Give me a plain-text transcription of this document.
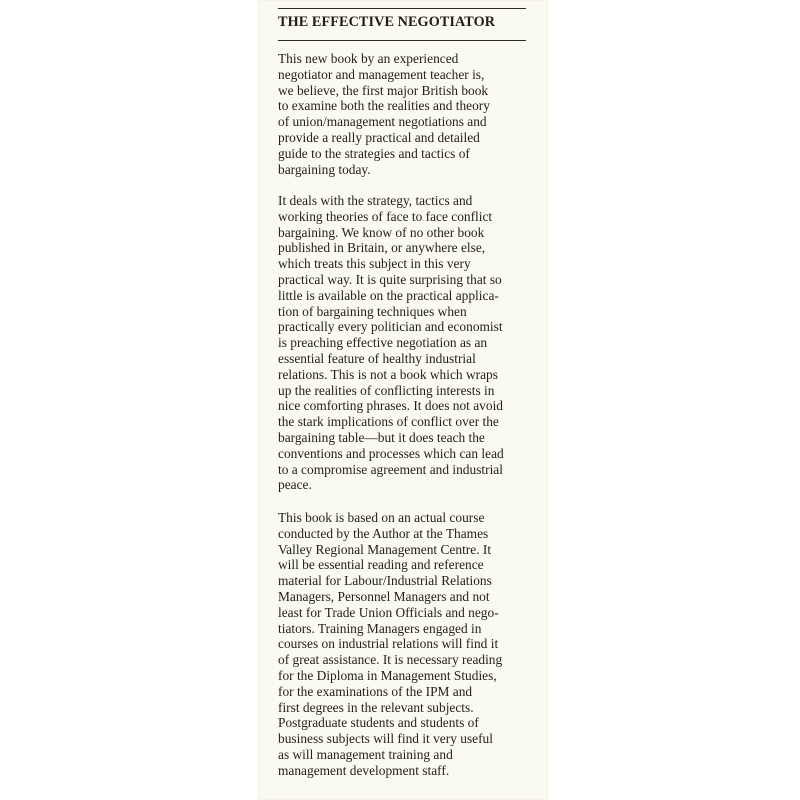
THE EFFECTIVE NEGOTIATOR
This new book by an experienced
negotiator and management teacher is,
we believe, the first major British book
to examine both the realities and theory
of union/management negotiations and
provide a really practical and detailed
guide to the strategies and tactics of
bargaining today.
It deals with the strategy, tactics and
working theories of face to face conflict
bargaining. We know of no other book
published in Britain, or anywhere else,
which treats this subject in this very
practical way. It is quite surprising that so
little is available on the practical applica-
tion of bargaining techniques when
practically every politician and economist
is preaching effective negotiation as an
essential feature of healthy industrial
relations. This is not a book which wraps
up the realities of conflicting interests in
nice comforting phrases. It does not avoid
the stark implications of conflict over the
bargaining table—but it does teach the
conventions and processes which can lead
to a compromise agreement and industrial
peace.
This book is based on an actual course
conducted by the Author at the Thames
Valley Regional Management Centre. It
will be essential reading and reference
material for Labour/Industrial Relations
Managers, Personnel Managers and not
least for Trade Union Officials and nego-
tiators. Training Managers engaged in
courses on industrial relations will find it
of great assistance. It is necessary reading
for the Diploma in Management Studies,
for the examinations of the IPM and
first degrees in the relevant subjects.
Postgraduate students and students of
business subjects will find it very useful
as will management training and
management development staff.
